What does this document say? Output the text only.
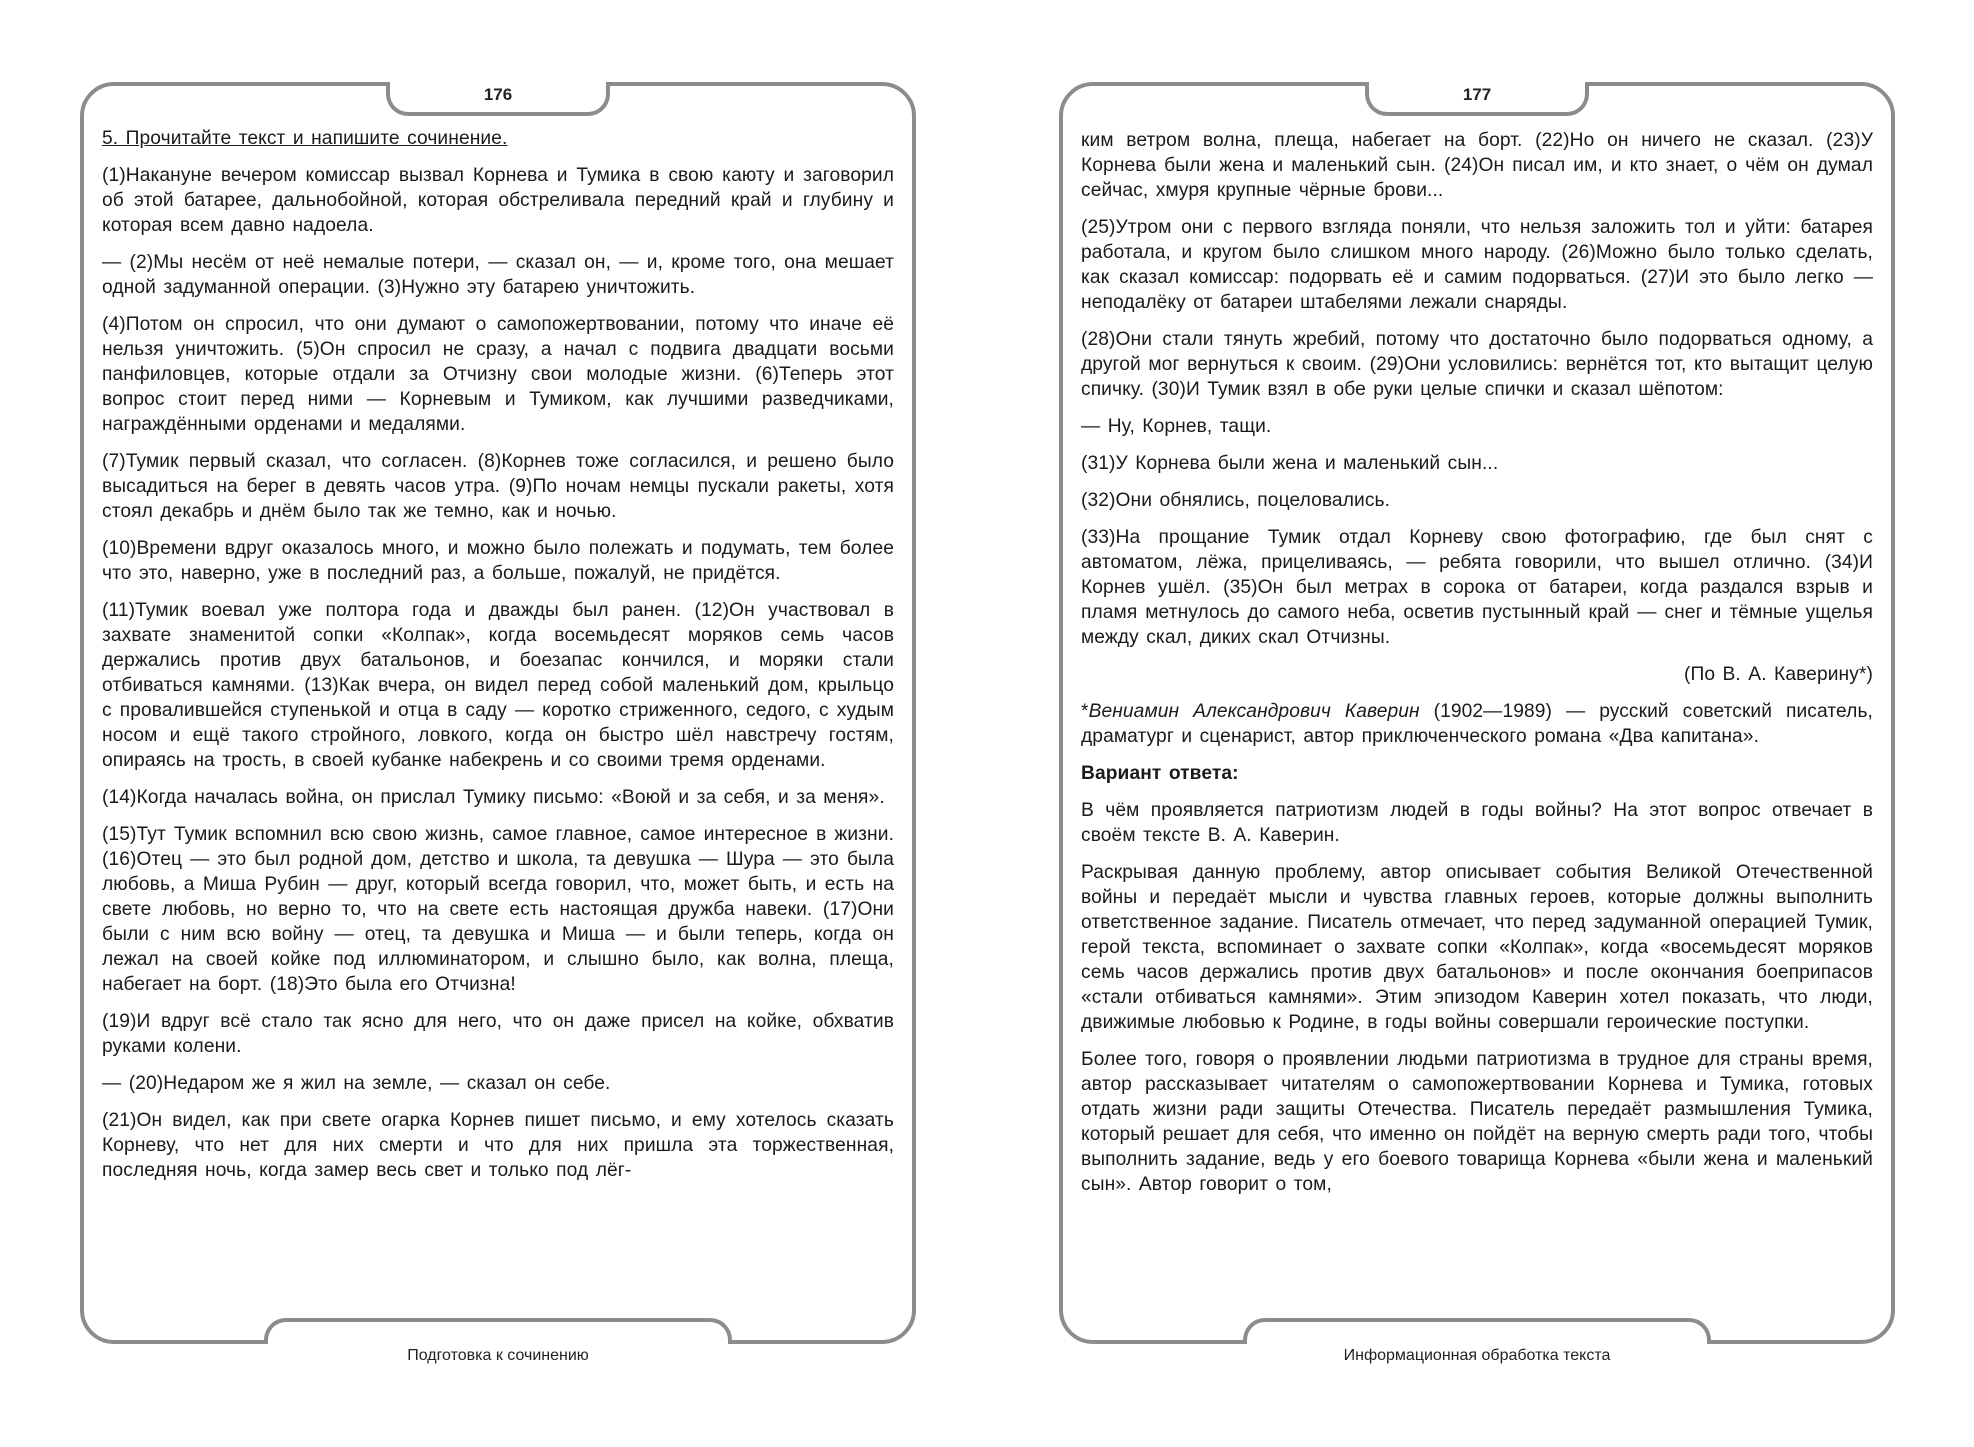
176

5. Прочитайте текст и напишите сочинение.

(1)Накануне вечером комиссар вызвал Корнева и Тумика в свою каюту и заговорил об этой батарее, дальнобойной, которая обстреливала передний край и глубину и которая всем давно надоела.

— (2)Мы несём от неё немалые потери, — сказал он, — и, кроме того, она мешает одной задуманной операции. (3)Нужно эту батарею уничтожить.

(4)Потом он спросил, что они думают о самопожертвовании, потому что иначе её нельзя уничтожить. (5)Он спросил не сразу, а начал с подвига двадцати восьми панфиловцев, которые отдали за Отчизну свои молодые жизни. (6)Теперь этот вопрос стоит перед ними — Корневым и Тумиком, как лучшими разведчиками, награждёнными орденами и медалями.

(7)Тумик первый сказал, что согласен. (8)Корнев тоже согласился, и решено было высадиться на берег в девять часов утра. (9)По ночам немцы пускали ракеты, хотя стоял декабрь и днём было так же темно, как и ночью.

(10)Времени вдруг оказалось много, и можно было полежать и подумать, тем более что это, наверно, уже в последний раз, а больше, пожалуй, не придётся.

(11)Тумик воевал уже полтора года и дважды был ранен. (12)Он участвовал в захвате знаменитой сопки «Колпак», когда восемьдесят моряков семь часов держались против двух батальонов, и боезапас кончился, и моряки стали отбиваться камнями. (13)Как вчера, он видел перед собой маленький дом, крыльцо с провалившейся ступенькой и отца в саду — коротко стриженного, седого, с худым носом и ещё такого стройного, ловкого, когда он быстро шёл навстречу гостям, опираясь на трость, в своей кубанке набекрень и со своими тремя орденами.

(14)Когда началась война, он прислал Тумику письмо: «Воюй и за себя, и за меня».

(15)Тут Тумик вспомнил всю свою жизнь, самое главное, самое интересное в жизни. (16)Отец — это был родной дом, детство и школа, та девушка — Шура — это была любовь, а Миша Рубин — друг, который всегда говорил, что, может быть, и есть на свете любовь, но верно то, что на свете есть настоящая дружба навеки. (17)Они были с ним всю войну — отец, та девушка и Миша — и были теперь, когда он лежал на своей койке под иллюминатором, и слышно было, как волна, плеща, набегает на борт. (18)Это была его Отчизна!

(19)И вдруг всё стало так ясно для него, что он даже присел на койке, обхватив руками колени.

— (20)Недаром же я жил на земле, — сказал он себе.

(21)Он видел, как при свете огарка Корнев пишет письмо, и ему хотелось сказать Корневу, что нет для них смерти и что для них пришла эта торжественная, последняя ночь, когда замер весь свет и только под лёг-

Подготовка к сочинению
177

ким ветром волна, плеща, набегает на борт. (22)Но он ничего не сказал. (23)У Корнева были жена и маленький сын. (24)Он писал им, и кто знает, о чём он думал сейчас, хмуря крупные чёрные брови...

(25)Утром они с первого взгляда поняли, что нельзя заложить тол и уйти: батарея работала, и кругом было слишком много народу. (26)Можно было только сделать, как сказал комиссар: подорвать её и самим подорваться. (27)И это было легко — неподалёку от батареи штабелями лежали снаряды.

(28)Они стали тянуть жребий, потому что достаточно было подорваться одному, а другой мог вернуться к своим. (29)Они условились: вернётся тот, кто вытащит целую спичку. (30)И Тумик взял в обе руки целые спички и сказал шёпотом:

— Ну, Корнев, тащи.

(31)У Корнева были жена и маленький сын...

(32)Они обнялись, поцеловались.

(33)На прощание Тумик отдал Корневу свою фотографию, где был снят с автоматом, лёжа, прицеливаясь, — ребята говорили, что вышел отлично. (34)И Корнев ушёл. (35)Он был метрах в сорока от батареи, когда раздался взрыв и пламя метнулось до самого неба, осветив пустынный край — снег и тёмные ущелья между скал, диких скал Отчизны.

(По В. А. Каверину*)

*Вениамин Александрович Каверин (1902—1989) — русский советский писатель, драматург и сценарист, автор приключенческого романа «Два капитана».

Вариант ответа:

В чём проявляется патриотизм людей в годы войны? На этот вопрос отвечает в своём тексте В. А. Каверин.

Раскрывая данную проблему, автор описывает события Великой Отечественной войны и передаёт мысли и чувства главных героев, которые должны выполнить ответственное задание. Писатель отмечает, что перед задуманной операцией Тумик, герой текста, вспоминает о захвате сопки «Колпак», когда «восемьдесят моряков семь часов держались против двух батальонов» и после окончания боеприпасов «стали отбиваться камнями». Этим эпизодом Каверин хотел показать, что люди, движимые любовью к Родине, в годы войны совершали героические поступки.

Более того, говоря о проявлении людьми патриотизма в трудное для страны время, автор рассказывает читателям о самопожертвовании Корнева и Тумика, готовых отдать жизни ради защиты Отечества. Писатель передаёт размышления Тумика, который решает для себя, что именно он пойдёт на верную смерть ради того, чтобы выполнить задание, ведь у его боевого товарища Корнева «были жена и маленький сын». Автор говорит о том,

Информационная обработка текста
